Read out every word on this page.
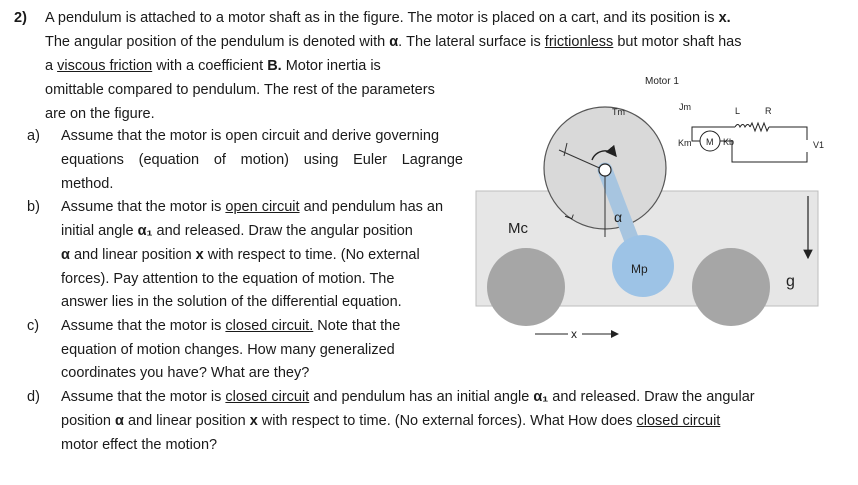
2) A pendulum is attached to a motor shaft as in the figure. The motor is placed on a cart, and its position is x.
The angular position of the pendulum is denoted with α. The lateral surface is frictionless but motor shaft has
a viscous friction with a coefficient B. Motor inertia is
omittable compared to pendulum. The rest of the parameters
are on the figure.
a) Assume that the motor is open circuit and derive governing
equations (equation of motion) using Euler Lagrange
method.
b) Assume that the motor is open circuit and pendulum has an
initial angle α₁ and released. Draw the angular position
α and linear position x with respect to time. (No external
forces). Pay attention to the equation of motion. The
answer lies in the solution of the differential equation.
c) Assume that the motor is closed circuit. Note that the
equation of motion changes. How many generalized
coordinates you have? What are they?
d) Assume that the motor is closed circuit and pendulum has an initial angle α₁ and released. Draw the angular
position α and linear position x with respect to time. (No external forces). What How does closed circuit
motor effect the motion?
Motor 1
Jm
Tm	L	R
Km M Kb	V1
Mc
Mp
α
L
x
g
